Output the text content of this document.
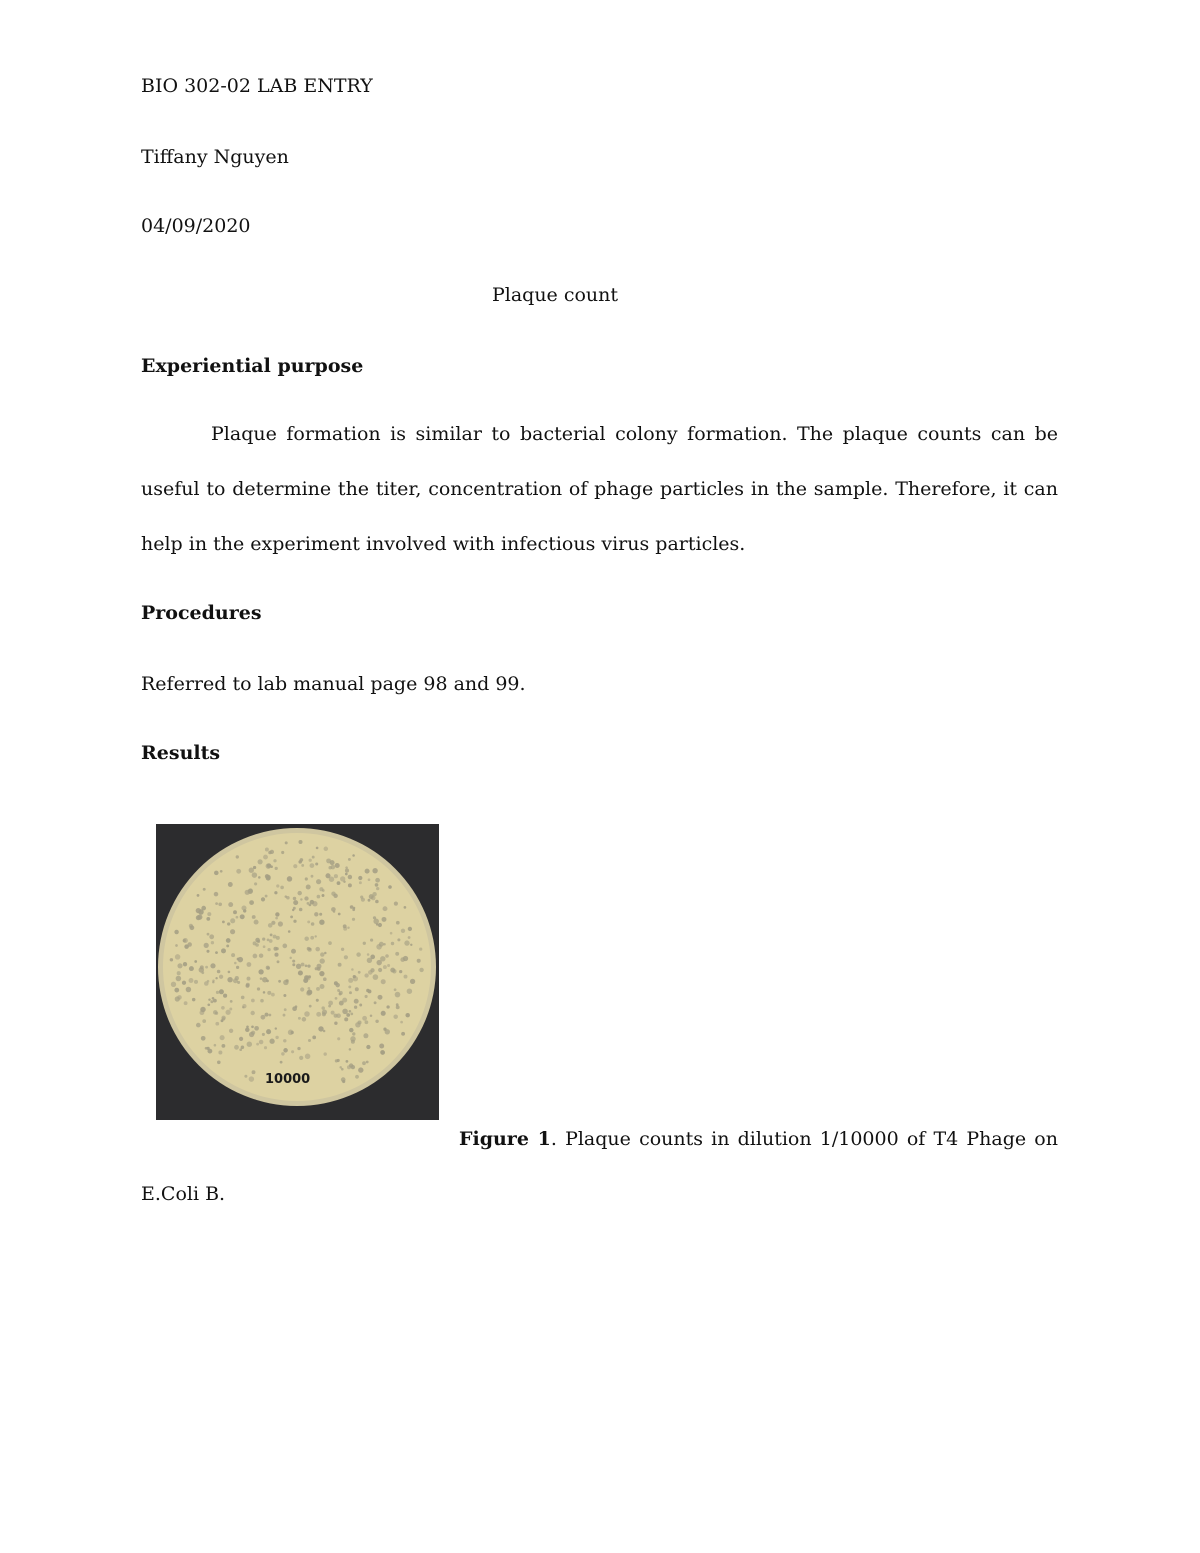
BIO 302-02 LAB ENTRY
Tiffany Nguyen
04/09/2020
Plaque count
Experiential purpose
Plaque formation is similar to bacterial colony formation. The plaque counts can be useful to determine the titer, concentration of phage particles in the sample. Therefore, it can help in the experiment involved with infectious virus particles.
Procedures
Referred to lab manual page 98 and 99.
Results
10000
Figure 1. Plaque counts in dilution 1/10000 of T4 Phage on E.Coli B.
